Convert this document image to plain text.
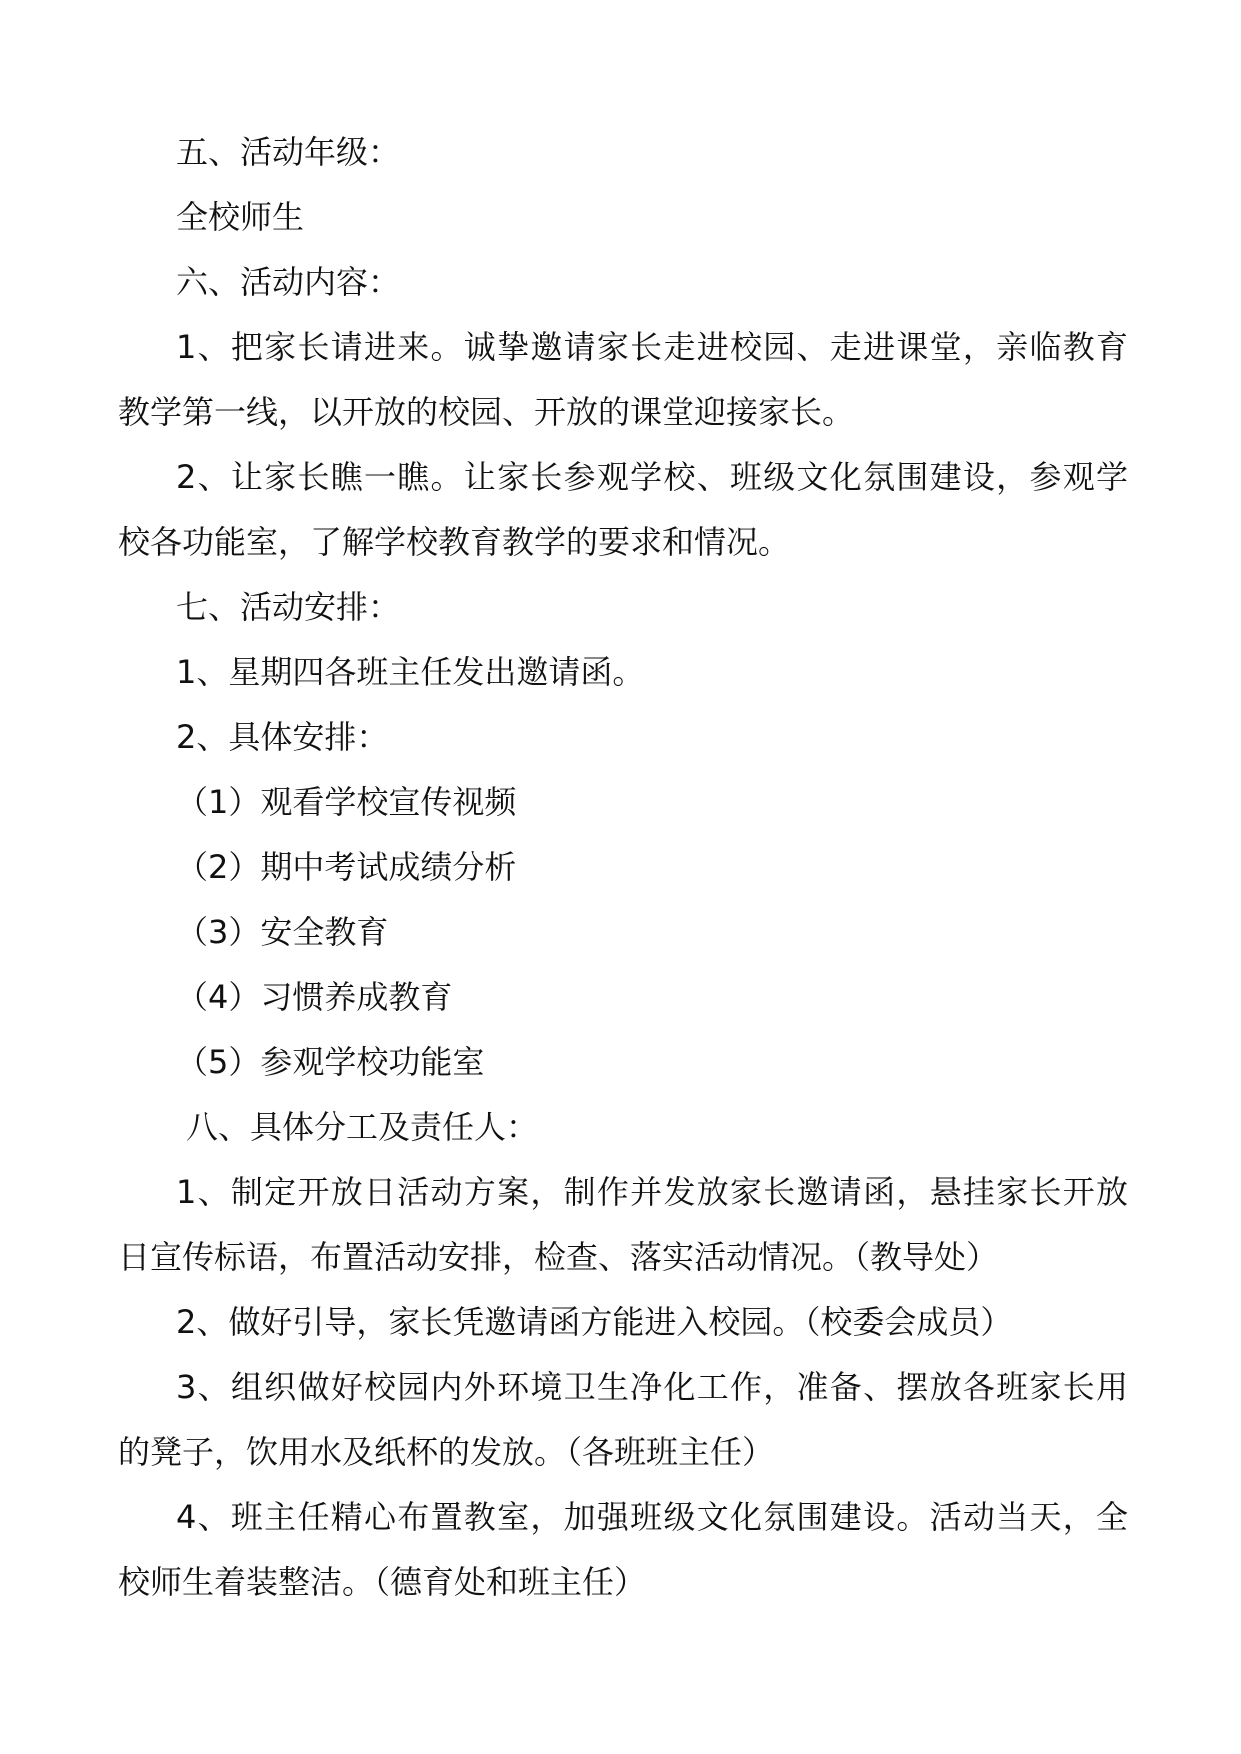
五、活动年级：

全校师生

六、活动内容：

1、把家长请进来。诚挚邀请家长走进校园、走进课堂，亲临教育

教学第一线，以开放的校园、开放的课堂迎接家长。

2、让家长瞧一瞧。让家长参观学校、班级文化氛围建设，参观学

校各功能室，了解学校教育教学的要求和情况。

七、活动安排：

1、星期四各班主任发出邀请函。

2、具体安排：

（1）观看学校宣传视频

（2）期中考试成绩分析

（3）安全教育

（4）习惯养成教育

（5）参观学校功能室

八、具体分工及责任人：

1、制定开放日活动方案，制作并发放家长邀请函，悬挂家长开放

日宣传标语，布置活动安排，检查、落实活动情况。（教导处）

2、做好引导，家长凭邀请函方能进入校园。（校委会成员）

3、组织做好校园内外环境卫生净化工作，准备、摆放各班家长用

的凳子，饮用水及纸杯的发放。（各班班主任）

4、班主任精心布置教室，加强班级文化氛围建设。活动当天，全

校师生着装整洁。（德育处和班主任）
